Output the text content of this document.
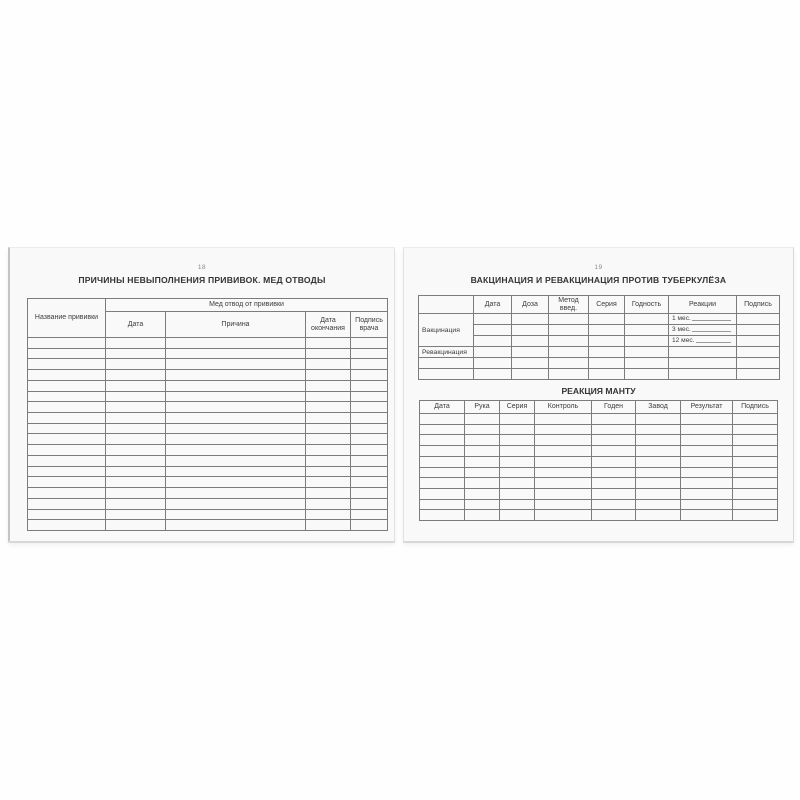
18
ПРИЧИНЫ НЕВЫПОЛНЕНИЯ ПРИВИВОК. МЕД ОТВОДЫ
Название прививки	Мед отвод от прививки			
	Дата	Причина	Дата окончания	Подпись врача

19
ВАКЦИНАЦИЯ И РЕВАКЦИНАЦИЯ ПРОТИВ ТУБЕРКУЛЁЗА
	Дата	Доза	Метод введ.	Серия	Годность	Реакции	Подпись
Вакцинация						1 мес.	

						3 мес.	

						12 мес.	

Ревакцинация							

РЕАКЦИЯ МАНТУ
Дата	Рука	Серия	Контроль	Годен	Завод	Результат	Подпись
